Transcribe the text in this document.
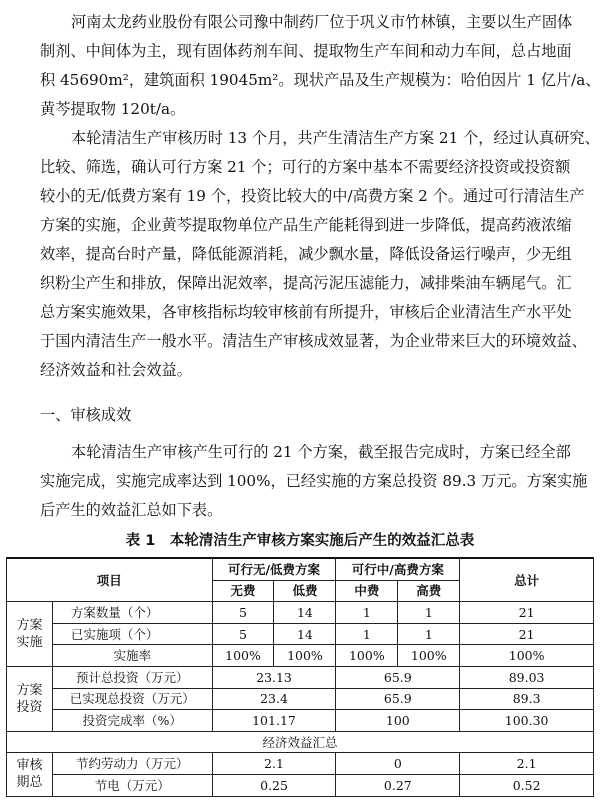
河南太龙药业股份有限公司豫中制药厂位于巩义市竹林镇，主要以生产固体
制剂、中间体为主，现有固体药剂车间、提取物生产车间和动力车间，总占地面
积 45690m²，建筑面积 19045m²。现状产品及生产规模为：哈伯因片 1 亿片/a、
黄芩提取物 120t/a。

本轮清洁生产审核历时 13 个月，共产生清洁生产方案 21 个，经过认真研究、
比较、筛选，确认可行方案 21 个；可行的方案中基本不需要经济投资或投资额
较小的无/低费方案有 19 个，投资比较大的中/高费方案 2 个。通过可行清洁生产
方案的实施，企业黄芩提取物单位产品生产能耗得到进一步降低，提高药液浓缩
效率，提高台时产量，降低能源消耗，减少飘水量，降低设备运行噪声，少无组
织粉尘产生和排放，保障出泥效率，提高污泥压滤能力，减排柴油车辆尾气。汇
总方案实施效果，各审核指标均较审核前有所提升，审核后企业清洁生产水平处
于国内清洁生产一般水平。清洁生产审核成效显著，为企业带来巨大的环境效益、
经济效益和社会效益。

一、审核成效

本轮清洁生产审核产生可行的 21 个方案，截至报告完成时，方案已经全部
实施完成，实施完成率达到 100%，已经实施的方案总投资 89.3 万元。方案实施
后产生的效益汇总如下表。

表 1　本轮清洁生产审核方案实施后产生的效益汇总表
项目		可行无/低费方案		可行中/高费方案		总计
		无费	低费	中费	高费	
方案
实施	方案数量（个）	5	14	1	1	21
	已实施项（个）	5	14	1	1	21
	实施率	100%	100%	100%	100%	100%
方案
投资	预计总投资（万元）	23.13		65.9		89.03
	已实现总投资（万元）	23.4		65.9		89.3
	投资完成率（%）	101.17		100		100.30
经济效益汇总						
审核
期总	节约劳动力（万元）	2.1		0		2.1
	节电（万元）	0.25		0.27		0.52
